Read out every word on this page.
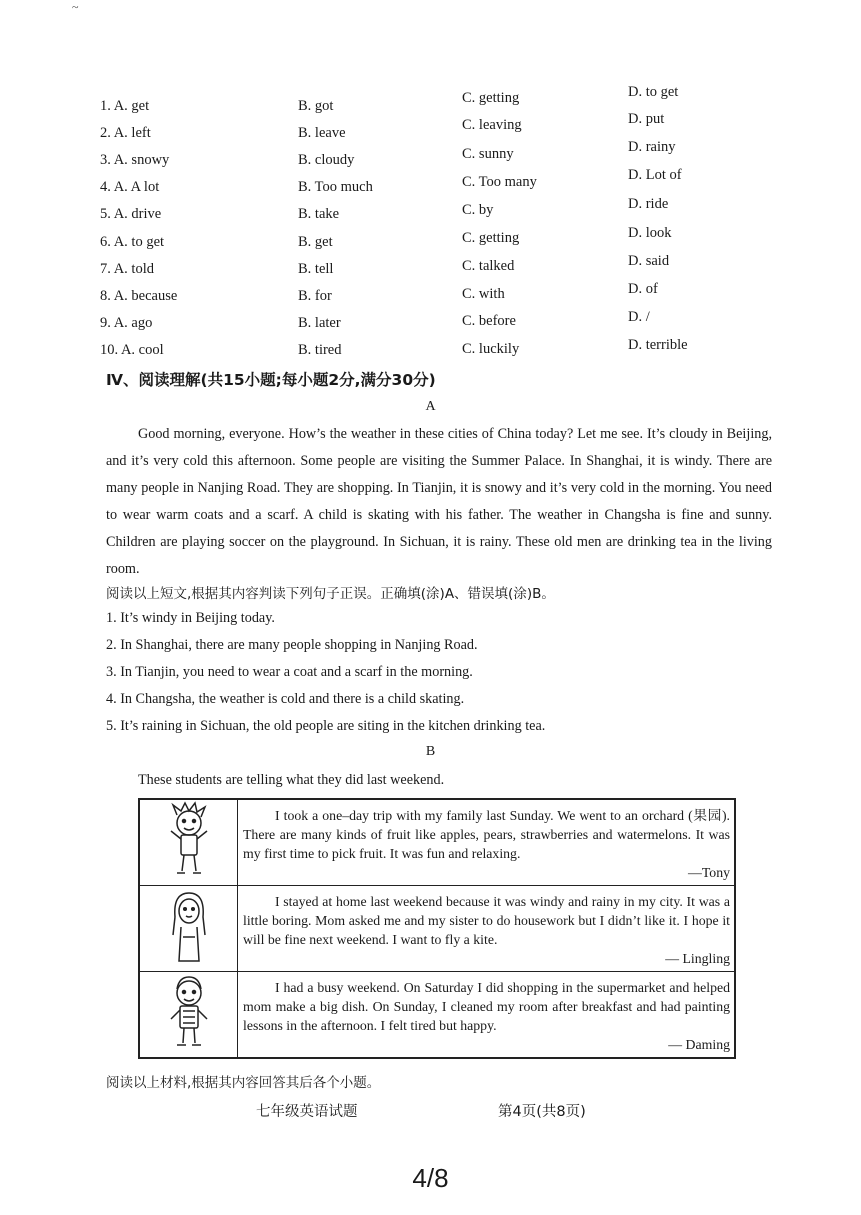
~
1. A. get	B. got	C. getting	D. to get
2. A. left	B. leave	C. leaving	D. put
3. A. snowy	B. cloudy	C. sunny	D. rainy
4. A. A lot	B. Too much	C. Too many	D. Lot of
5. A. drive	B. take	C. by	D. ride
6. A. to get	B. get	C. getting	D. look
7. A. told	B. tell	C. talked	D. said
8. A. because	B. for	C. with	D. of
9. A. ago	B. later	C. before	D. /
10. A. cool	B. tired	C. luckily	D. terrible
Ⅳ、阅读理解(共15小题;每小题2分,满分30分)
A

Good morning, everyone. How’s the weather in these cities of China today? Let me see. It’s cloudy in Beijing, and it’s very cold this afternoon. Some people are visiting the Summer Palace. In Shanghai, it is windy. There are many people in Nanjing Road. They are shopping. In Tianjin, it is snowy and it’s very cold in the morning. You need to wear warm coats and a scarf. A child is skating with his father. The weather in Changsha is fine and sunny. Children are playing soccer on the playground. In Sichuan, it is rainy. These old men are drinking tea in the living room.

阅读以上短文,根据其内容判读下列句子正误。正确填(涂)A、错误填(涂)B。
1. It’s windy in Beijing today.
2. In Shanghai, there are many people shopping in Nanjing Road.
3. In Tianjin, you need to wear a coat and a scarf in the morning.
4. In Changsha, the weather is cold and there is a child skating.
5. It’s raining in Sichuan, the old people are siting in the kitchen drinking tea.
B
These students are telling what they did last weekend.

I took a one–day trip with my family last Sunday. We went to an orchard (果园). There are many kinds of fruit like apples, pears, strawberries and watermelons. It was my first time to pick fruit. It was fun and relaxing.
—Tony

I stayed at home last weekend because it was windy and rainy in my city. It was a little boring. Mom asked me and my sister to do housework but I didn’t like it. I hope it will be fine next weekend. I want to fly a kite.
— Lingling

I had a busy weekend. On Saturday I did shopping in the supermarket and helped mom make a big dish. On Sunday, I cleaned my room after breakfast and had painting lessons in the afternoon. I felt tired but happy.
— Daming
阅读以上材料,根据其内容回答其后各个小题。
七年级英语试题	第4页(共8页)
4/8
